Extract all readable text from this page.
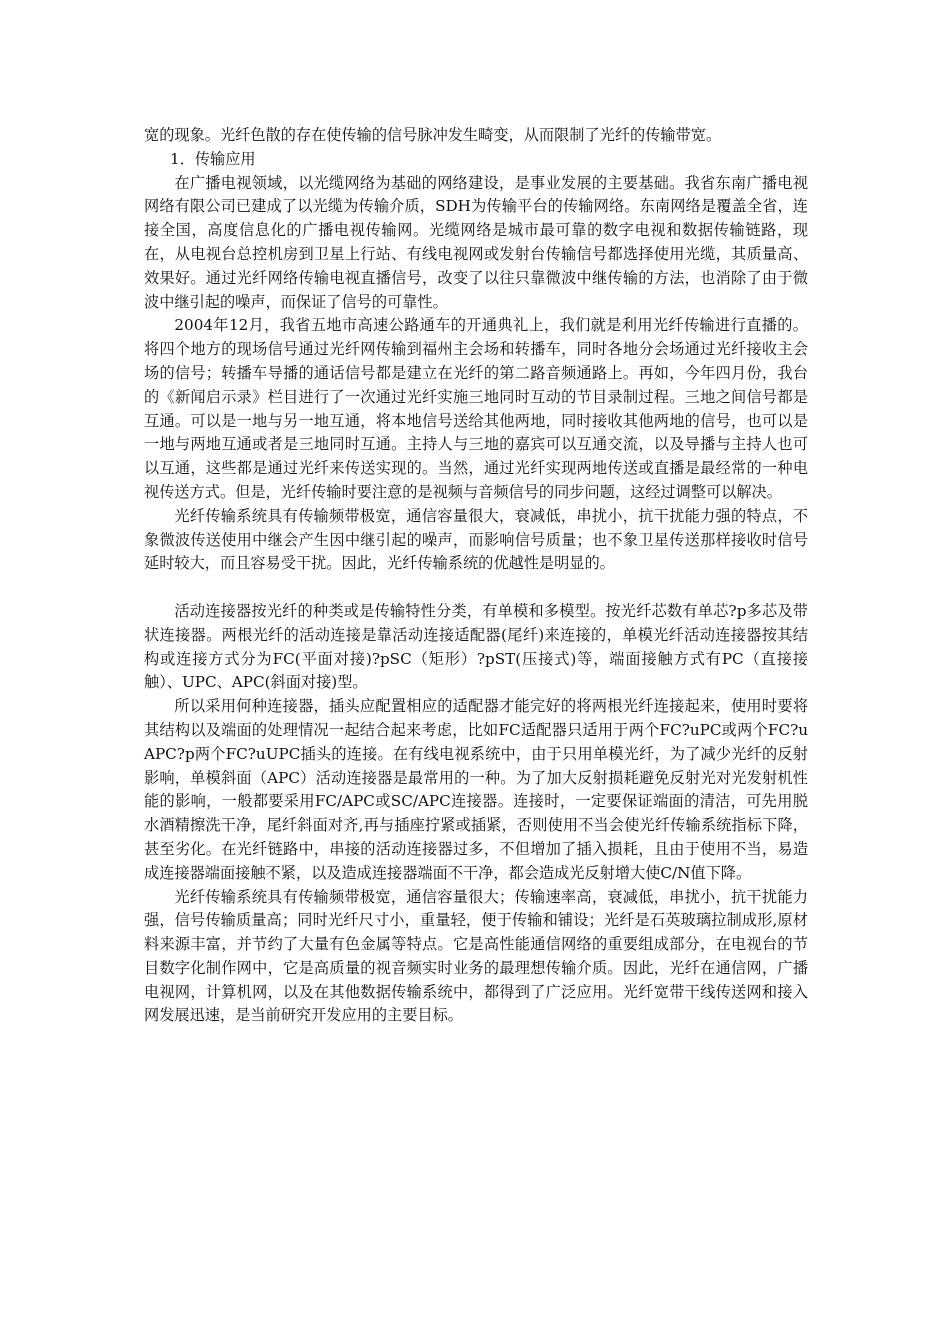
宽的现象。光纤色散的存在使传输的信号脉冲发生畸变，从而限制了光纤的传输带宽。

1．传输应用

在广播电视领域，以光缆网络为基础的网络建设，是事业发展的主要基础。我省东南广播电视网络有限公司已建成了以光缆为传输介质，SDH为传输平台的传输网络。东南网络是覆盖全省，连接全国，高度信息化的广播电视传输网。光缆网络是城市最可靠的数字电视和数据传输链路，现在，从电视台总控机房到卫星上行站、有线电视网或发射台传输信号都选择使用光缆，其质量高、效果好。通过光纤网络传输电视直播信号，改变了以往只靠微波中继传输的方法，也消除了由于微波中继引起的噪声，而保证了信号的可靠性。

2004年12月，我省五地市高速公路通车的开通典礼上，我们就是利用光纤传输进行直播的。将四个地方的现场信号通过光纤网传输到福州主会场和转播车，同时各地分会场通过光纤接收主会场的信号；转播车导播的通话信号都是建立在光纤的第二路音频通路上。再如，今年四月份，我台的《新闻启示录》栏目进行了一次通过光纤实施三地同时互动的节目录制过程。三地之间信号都是互通。可以是一地与另一地互通，将本地信号送给其他两地，同时接收其他两地的信号，也可以是一地与两地互通或者是三地同时互通。主持人与三地的嘉宾可以互通交流，以及导播与主持人也可以互通，这些都是通过光纤来传送实现的。当然，通过光纤实现两地传送或直播是最经常的一种电视传送方式。但是，光纤传输时要注意的是视频与音频信号的同步问题，这经过调整可以解决。

光纤传输系统具有传输频带极宽，通信容量很大，衰减低，串扰小，抗干扰能力强的特点，不象微波传送使用中继会产生因中继引起的噪声，而影响信号质量；也不象卫星传送那样接收时信号延时较大，而且容易受干扰。因此，光纤传输系统的优越性是明显的。

活动连接器按光纤的种类或是传输特性分类，有单模和多模型。按光纤芯数有单芯?p多芯及带状连接器。两根光纤的活动连接是靠活动连接适配器(尾纤)来连接的，单模光纤活动连接器按其结构或连接方式分为FC(平面对接)?pSC（矩形）?pST(压接式)等，端面接触方式有PC（直接接触）、UPC、APC(斜面对接)型。

所以采用何种连接器，插头应配置相应的适配器才能完好的将两根光纤连接起来，使用时要将其结构以及端面的处理情况一起结合起来考虑，比如FC适配器只适用于两个FC?uPC或两个FC?uAPC?p两个FC?uUPC插头的连接。在有线电视系统中，由于只用单模光纤，为了减少光纤的反射影响，单模斜面（APC）活动连接器是最常用的一种。为了加大反射损耗避免反射光对光发射机性能的影响，一般都要采用FC/APC或SC/APC连接器。连接时，一定要保证端面的清洁，可先用脱水酒精擦洗干净，尾纤斜面对齐,再与插座拧紧或插紧，否则使用不当会使光纤传输系统指标下降，甚至劣化。在光纤链路中，串接的活动连接器过多，不但增加了插入损耗，且由于使用不当，易造成连接器端面接触不紧，以及造成连接器端面不干净，都会造成光反射增大使C/N值下降。

光纤传输系统具有传输频带极宽，通信容量很大；传输速率高，衰减低，串扰小，抗干扰能力强，信号传输质量高；同时光纤尺寸小，重量轻，便于传输和铺设；光纤是石英玻璃拉制成形,原材料来源丰富，并节约了大量有色金属等特点。它是高性能通信网络的重要组成部分，在电视台的节目数字化制作网中，它是高质量的视音频实时业务的最理想传输介质。因此，光纤在通信网，广播电视网，计算机网，以及在其他数据传输系统中，都得到了广泛应用。光纤宽带干线传送网和接入网发展迅速，是当前研究开发应用的主要目标。
